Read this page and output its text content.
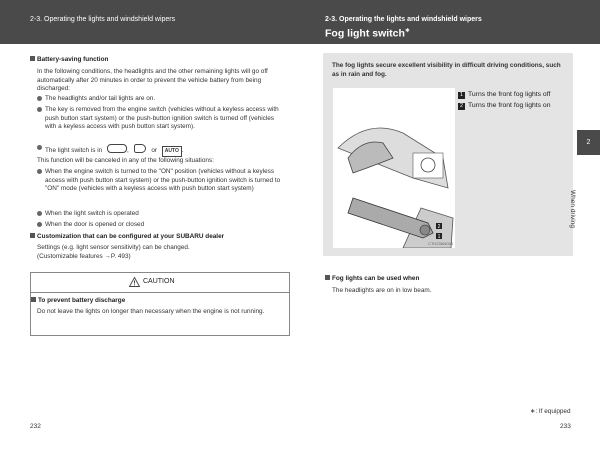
2-3. Operating the lights and windshield wipers	2-3. Operating the lights and windshield wipers
Fog light switch∗
Battery-saving function
In the following conditions, the headlights and the other remaining lights will go off automatically after 20 minutes in order to prevent the vehicle battery from being discharged:
The headlights and/or tail lights are on.
The key is removed from the engine switch (vehicles without a keyless access with push button start system) or the push-button ignition switch is turned off (vehicles with a keyless access with push button start system).
The light switch is in	,	or AUTO .
This function will be canceled in any of the following situations:
When the engine switch is turned to the "ON" position (vehicles without a keyless access with push button start system) or the push-button ignition switch is turned to "ON" mode (vehicles with a keyless access with push button start system)
When the light switch is operated
When the door is opened or closed
Customization that can be configured at your SUBARU dealer
Settings (e.g. light sensor sensitivity) can be changed.
(Customizable features →P. 493)
CAUTION
To prevent battery discharge
Do not leave the lights on longer than necessary when the engine is not running.
232
The fog lights secure excellent visibility in difficult driving conditions, such as in rain and fog.
2
1
CTH23AN034
1 Turns the front fog lights off
2 Turns the front fog lights on
Fog lights can be used when
The headlights are on in low beam.
∗: If equipped
233
2
When driving
